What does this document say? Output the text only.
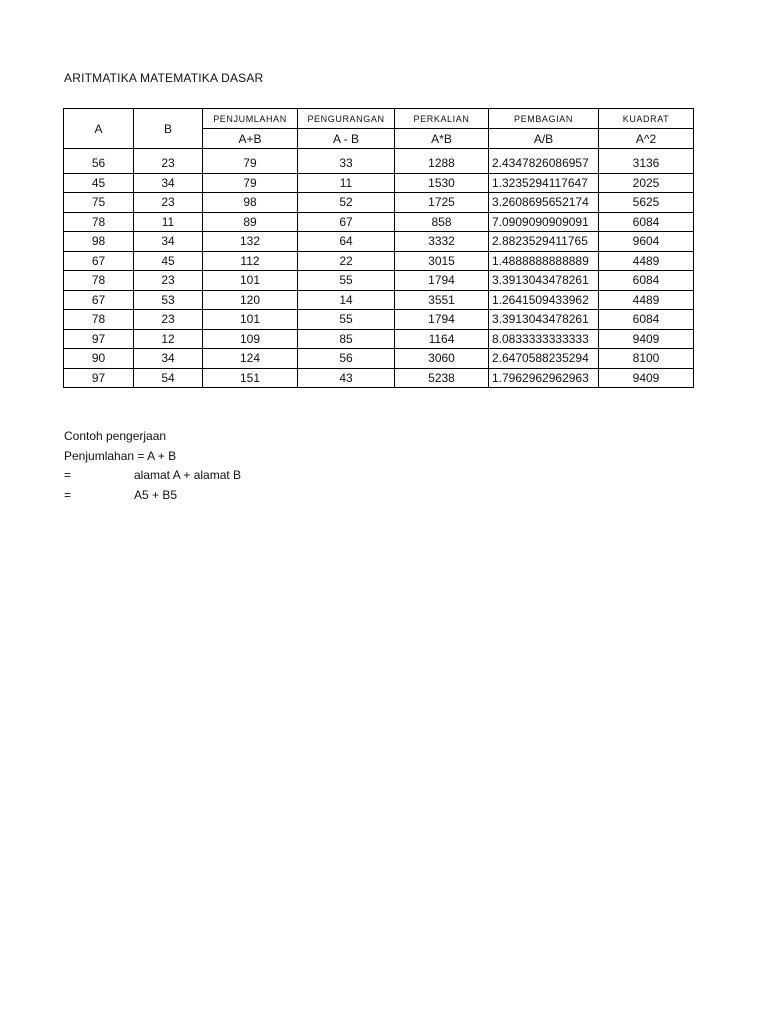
ARITMATIKA MATEMATIKA DASAR
A	B	PENJUMLAHAN	PENGURANGAN	PERKALIAN	PEMBAGIAN	KUADRAT
		A+B	A - B	A*B	A/B	A^2

56	23	79	33	1288	2.4347826086957	3136
45	34	79	11	1530	1.3235294117647	2025
75	23	98	52	1725	3.2608695652174	5625
78	11	89	67	858	7.0909090909091	6084
98	34	132	64	3332	2.8823529411765	9604
67	45	112	22	3015	1.4888888888889	4489
78	23	101	55	1794	3.3913043478261	6084
67	53	120	14	3551	1.2641509433962	4489
78	23	101	55	1794	3.3913043478261	6084
97	12	109	85	1164	8.0833333333333	9409
90	34	124	56	3060	2.6470588235294	8100
97	54	151	43	5238	1.7962962962963	9409
Contoh pengerjaan
Penjumlahan = A + B
=	alamat A + alamat B
=	A5 + B5
